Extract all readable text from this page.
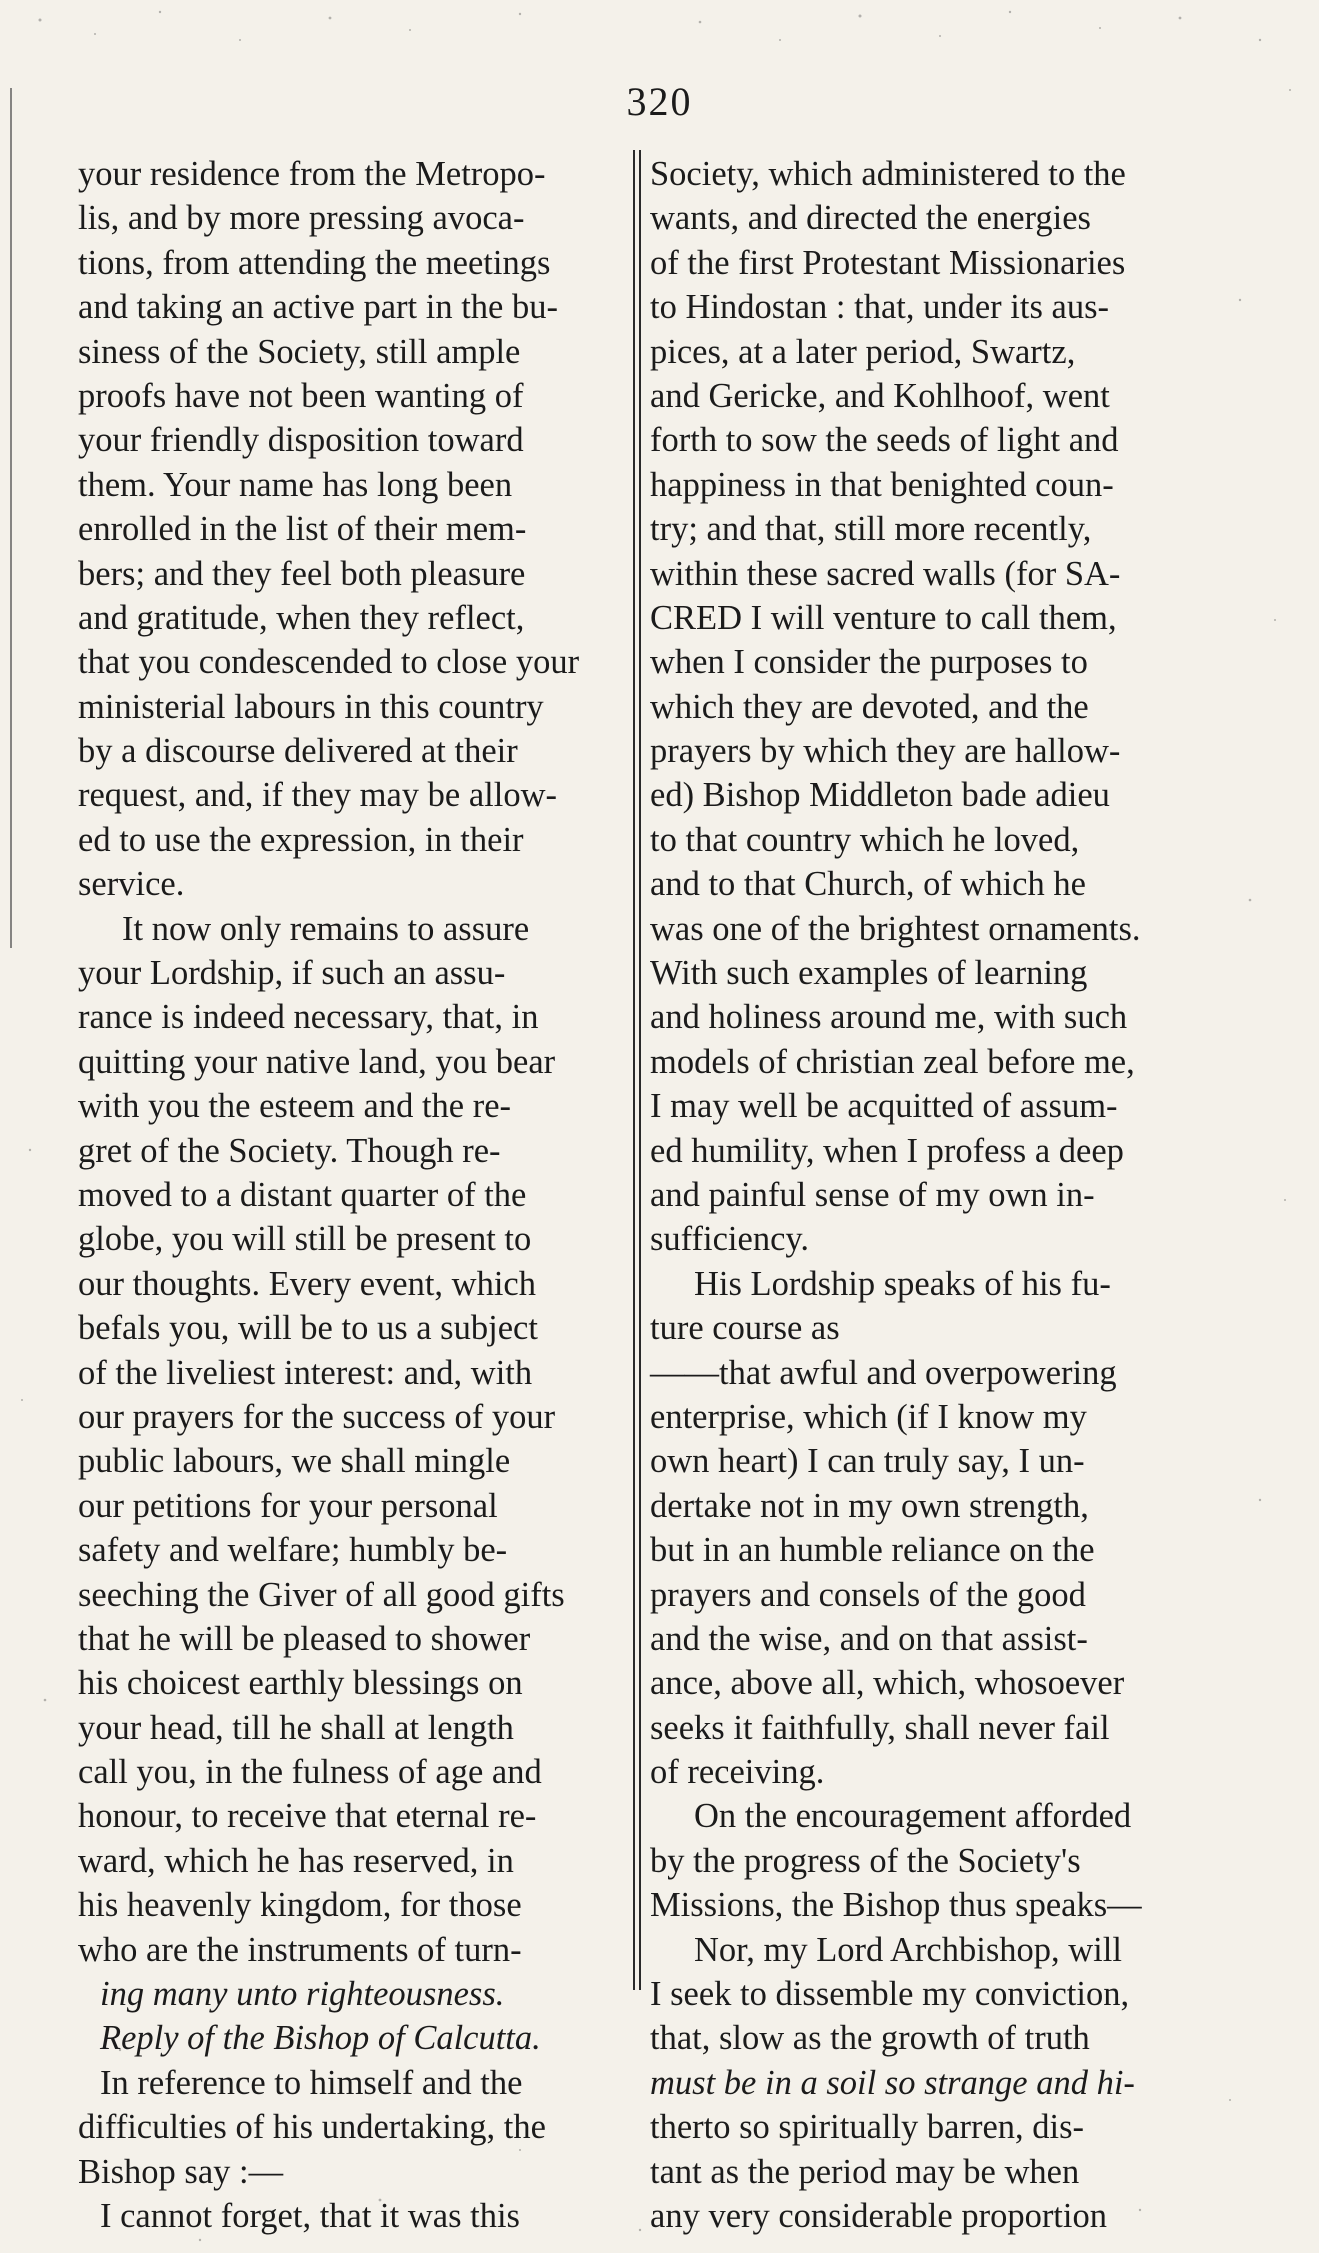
320
your residence from the Metropo-
lis, and by more pressing avoca-
tions, from attending the meetings
and taking an active part in the bu-
siness of the Society, still ample
proofs have not been wanting of
your friendly disposition toward
them. Your name has long been
enrolled in the list of their mem-
bers; and they feel both pleasure
and gratitude, when they reflect,
that you condescended to close your
ministerial labours in this country
by a discourse delivered at their
request, and, if they may be allow-
ed to use the expression, in their
service.
It now only remains to assure
your Lordship, if such an assu-
rance is indeed necessary, that, in
quitting your native land, you bear
with you the esteem and the re-
gret of the Society. Though re-
moved to a distant quarter of the
globe, you will still be present to
our thoughts. Every event, which
befals you, will be to us a subject
of the liveliest interest: and, with
our prayers for the success of your
public labours, we shall mingle
our petitions for your personal
safety and welfare; humbly be-
seeching the Giver of all good gifts
that he will be pleased to shower
his choicest earthly blessings on
your head, till he shall at length
call you, in the fulness of age and
honour, to receive that eternal re-
ward, which he has reserved, in
his heavenly kingdom, for those
who are the instruments of turn-
ing many unto righteousness.
Reply of the Bishop of Calcutta.
In reference to himself and the
difficulties of his undertaking, the
Bishop say :—
I cannot forget, that it was this
Society, which administered to the
wants, and directed the energies
of the first Protestant Missionaries
to Hindostan : that, under its aus-
pices, at a later period, Swartz,
and Gericke, and Kohlhoof, went
forth to sow the seeds of light and
happiness in that benighted coun-
try; and that, still more recently,
within these sacred walls (for SA-
CRED I will venture to call them,
when I consider the purposes to
which they are devoted, and the
prayers by which they are hallow-
ed) Bishop Middleton bade adieu
to that country which he loved,
and to that Church, of which he
was one of the brightest ornaments.
With such examples of learning
and holiness around me, with such
models of christian zeal before me,
I may well be acquitted of assum-
ed humility, when I profess a deep
and painful sense of my own in-
sufficiency.
His Lordship speaks of his fu-
ture course as
——that awful and overpowering
enterprise, which (if I know my
own heart) I can truly say, I un-
dertake not in my own strength,
but in an humble reliance on the
prayers and consels of the good
and the wise, and on that assist-
ance, above all, which, whosoever
seeks it faithfully, shall never fail
of receiving.
On the encouragement afforded
by the progress of the Society's
Missions, the Bishop thus speaks—
Nor, my Lord Archbishop, will
I seek to dissemble my conviction,
that, slow as the growth of truth
must be in a soil so strange and hi-
therto so spiritually barren, dis-
tant as the period may be when
any very considerable proportion
